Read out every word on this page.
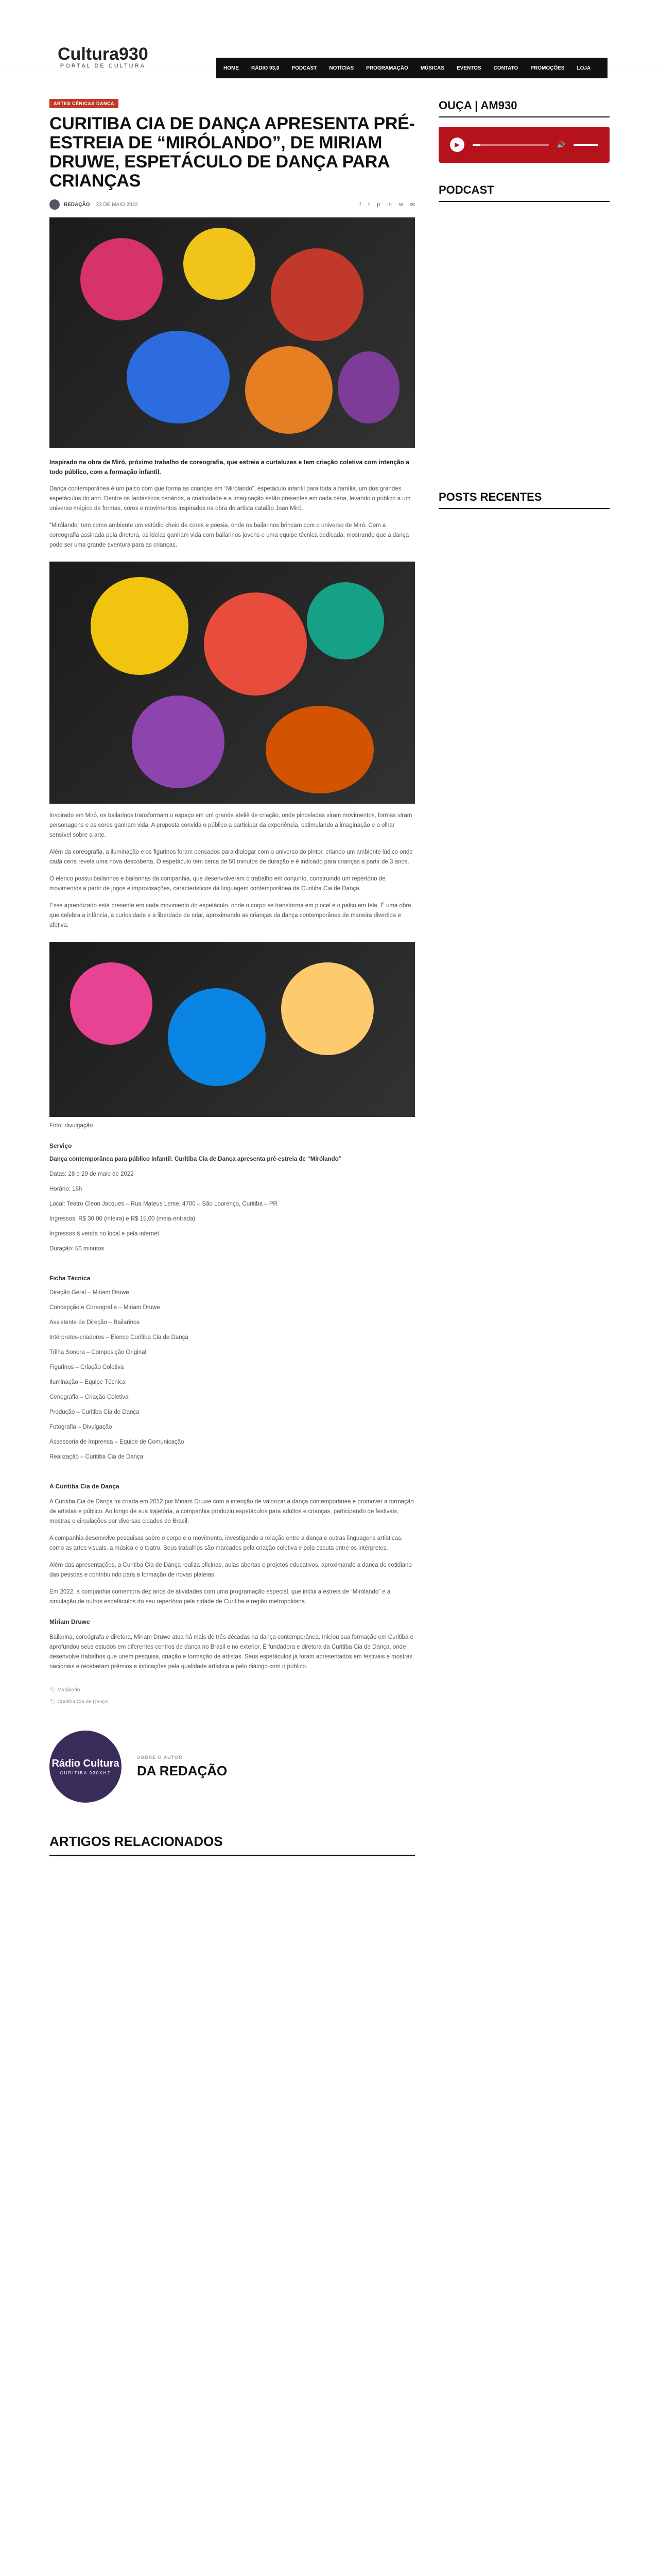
Cultura930
PORTAL DE CULTURA	HOME RÁDIO 93,0 PODCAST NOTÍCIAS PROGRAMAÇÃO MÚSICAS EVENTOS CONTATO PROMOÇÕES LOJA
ARTES CÊNICAS DANÇA
CURITIBA CIA DE DANÇA APRESENTA PRÉ-ESTREIA DE “MIRÓLANDO”, DE MIRIAM DRUWE, ESPETÁCULO DE DANÇA PARA CRIANÇAS
REDAÇÃO 23 DE MAIO 2022	f t p in w ✉

Inspirado na obra de Miró, próximo trabalho de coreografia, que estreia a curtaluzes e tem criação coletiva com intenção a todo público, com a formação infantil.

Dança contemporânea é um palco com que forma as crianças em “Mirólando”, espetáculo infantil para toda a família, um dos grandes espetáculos do ano. Dentre os fantásticos cenários, a criatividade e a imaginação estão presentes em cada cena, levando o público a um universo mágico de formas, cores e movimentos inspirados na obra do artista catalão Joan Miró.

“Mirólando” tem como ambiente um estúdio cheio de cores e poesia, onde os bailarinos brincam com o universo de Miró. Com a coreografia assinada pela diretora, as ideias ganham vida com bailarinos jovens e uma equipe técnica dedicada, mostrando que a dança pode ser uma grande aventura para as crianças.

Inspirado em Miró, os bailarinos transformam o espaço em um grande ateliê de criação, onde pinceladas viram movimentos, formas viram personagens e as cores ganham vida. A proposta convida o público a participar da experiência, estimulando a imaginação e o olhar sensível sobre a arte.

Além da coreografia, a iluminação e os figurinos foram pensados para dialogar com o universo do pintor, criando um ambiente lúdico onde cada cena revela uma nova descoberta. O espetáculo tem cerca de 50 minutos de duração e é indicado para crianças a partir de 3 anos.

O elenco possui bailarinos e bailarinas da companhia, que desenvolveram o trabalho em conjunto, construindo um repertório de movimentos a partir de jogos e improvisações, característicos da linguagem contemporânea da Curitiba Cia de Dança.

Esse aprendizado está presente em cada movimento do espetáculo, onde o corpo se transforma em pincel e o palco em tela. É uma obra que celebra a infância, a curiosidade e a liberdade de criar, aproximando as crianças da dança contemporânea de maneira divertida e afetiva.

Foto: divulgação

Serviço

Dança contemporânea para público infantil: Curitiba Cia de Dança apresenta pré-estreia de “Mirólando”

Datas: 28 e 29 de maio de 2022

Horário: 16h

Local: Teatro Cleon Jacques – Rua Mateus Leme, 4700 – São Lourenço, Curitiba – PR

Ingressos: R$ 30,00 (inteira) e R$ 15,00 (meia-entrada)

Ingressos à venda no local e pela internet

Duração: 50 minutos

Ficha Técnica

Direção Geral – Miriam Druwe

Concepção e Coreografia – Miriam Druwe

Assistente de Direção – Bailarinos

Intérpretes-criadores – Elenco Curitiba Cia de Dança

Trilha Sonora – Composição Original

Figurinos – Criação Coletiva

Iluminação – Equipe Técnica

Cenografia – Criação Coletiva

Produção – Curitiba Cia de Dança

Fotografia – Divulgação

Assessoria de Imprensa – Equipe de Comunicação

Realização – Curitiba Cia de Dança

A Curitiba Cia de Dança

A Curitiba Cia de Dança foi criada em 2012 por Miriam Druwe com a intenção de valorizar a dança contemporânea e promover a formação de artistas e público. Ao longo de sua trajetória, a companhia produziu espetáculos para adultos e crianças, participando de festivais, mostras e circulações por diversas cidades do Brasil.

A companhia desenvolve pesquisas sobre o corpo e o movimento, investigando a relação entre a dança e outras linguagens artísticas, como as artes visuais, a música e o teatro. Seus trabalhos são marcados pela criação coletiva e pela escuta entre os intérpretes.

Além das apresentações, a Curitiba Cia de Dança realiza oficinas, aulas abertas e projetos educativos, aproximando a dança do cotidiano das pessoas e contribuindo para a formação de novas plateias.

Em 2022, a companhia comemora dez anos de atividades com uma programação especial, que inclui a estreia de “Mirólando” e a circulação de outros espetáculos do seu repertório pela cidade de Curitiba e região metropolitana.

Miriam Druwe

Bailarina, coreógrafa e diretora, Miriam Druwe atua há mais de três décadas na dança contemporânea. Iniciou sua formação em Curitiba e aprofundou seus estudos em diferentes centros de dança no Brasil e no exterior. É fundadora e diretora da Curitiba Cia de Dança, onde desenvolve trabalhos que unem pesquisa, criação e formação de artistas. Seus espetáculos já foram apresentados em festivais e mostras nacionais e receberam prêmios e indicações pela qualidade artística e pelo diálogo com o público.

🏷 Mirólando
🏷 Curitiba Cia de Dança
Rádio Cultura
CURITIBA 930KHZ
SOBRE O AUTOR
DA REDAÇÃO
ARTIGOS RELACIONADOS
OUÇA | AM930
▶	🔊
PODCAST
POSTS RECENTES
